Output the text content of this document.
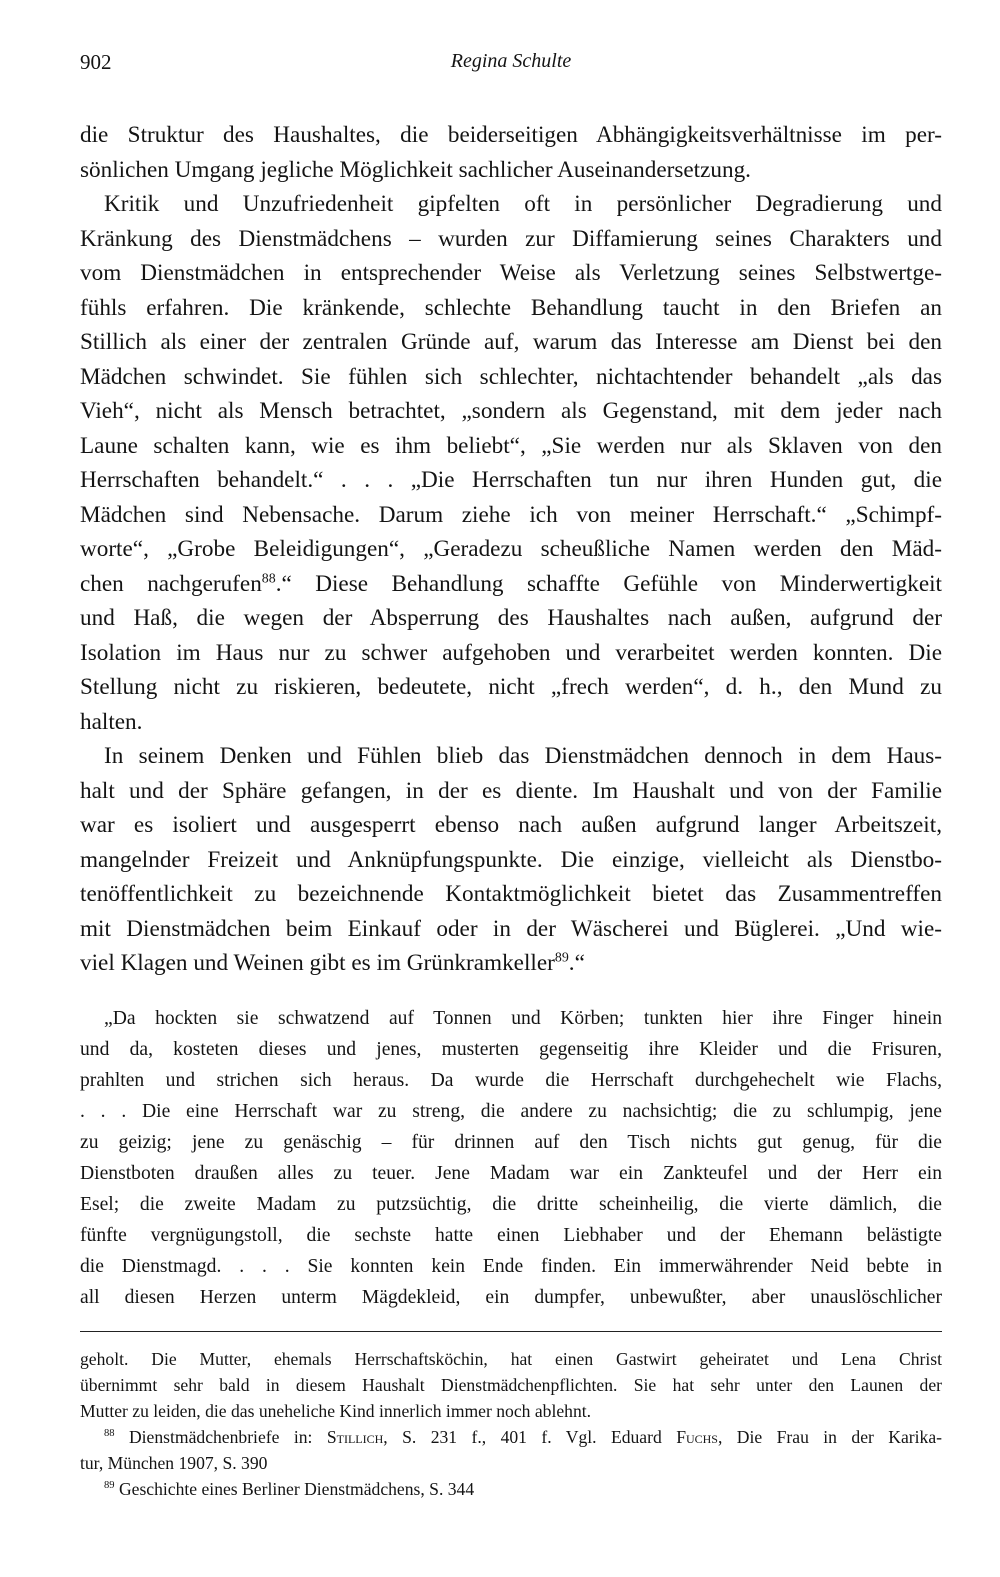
902	Regina Schulte
die Struktur des Haushaltes, die beiderseitigen Abhängigkeitsverhältnisse im per-
sönlichen Umgang jegliche Möglichkeit sachlicher Auseinandersetzung.
Kritik und Unzufriedenheit gipfelten oft in persönlicher Degradierung und
Kränkung des Dienstmädchens – wurden zur Diffamierung seines Charakters und
vom Dienstmädchen in entsprechender Weise als Verletzung seines Selbstwertge-
fühls erfahren. Die kränkende, schlechte Behandlung taucht in den Briefen an
Stillich als einer der zentralen Gründe auf, warum das Interesse am Dienst bei den
Mädchen schwindet. Sie fühlen sich schlechter, nichtachtender behandelt „als das
Vieh“, nicht als Mensch betrachtet, „sondern als Gegenstand, mit dem jeder nach
Laune schalten kann, wie es ihm beliebt“, „Sie werden nur als Sklaven von den
Herrschaften behandelt.“ . . . „Die Herrschaften tun nur ihren Hunden gut, die
Mädchen sind Nebensache. Darum ziehe ich von meiner Herrschaft.“ „Schimpf-
worte“, „Grobe Beleidigungen“, „Geradezu scheußliche Namen werden den Mäd-
chen nachgerufen$^{88}$.“ Diese Behandlung schaffte Gefühle von Minderwertigkeit
und Haß, die wegen der Absperrung des Haushaltes nach außen, aufgrund der
Isolation im Haus nur zu schwer aufgehoben und verarbeitet werden konnten. Die
Stellung nicht zu riskieren, bedeutete, nicht „frech werden“, d. h., den Mund zu
halten.
In seinem Denken und Fühlen blieb das Dienstmädchen dennoch in dem Haus-
halt und der Sphäre gefangen, in der es diente. Im Haushalt und von der Familie
war es isoliert und ausgesperrt ebenso nach außen aufgrund langer Arbeitszeit,
mangelnder Freizeit und Anknüpfungspunkte. Die einzige, vielleicht als Dienstbo-
tenöffentlichkeit zu bezeichnende Kontaktmöglichkeit bietet das Zusammentreffen
mit Dienstmädchen beim Einkauf oder in der Wäscherei und Büglerei. „Und wie-
viel Klagen und Weinen gibt es im Grünkramkeller$^{89}$.“
„Da hockten sie schwatzend auf Tonnen und Körben; tunkten hier ihre Finger hinein
und da, kosteten dieses und jenes, musterten gegenseitig ihre Kleider und die Frisuren,
prahlten und strichen sich heraus. Da wurde die Herrschaft durchgehechelt wie Flachs,
. . . Die eine Herrschaft war zu streng, die andere zu nachsichtig; die zu schlumpig, jene
zu geizig; jene zu genäschig – für drinnen auf den Tisch nichts gut genug, für die
Dienstboten draußen alles zu teuer. Jene Madam war ein Zankteufel und der Herr ein
Esel; die zweite Madam zu putzsüchtig, die dritte scheinheilig, die vierte dämlich, die
fünfte vergnügungstoll, die sechste hatte einen Liebhaber und der Ehemann belästigte
die Dienstmagd. . . . Sie konnten kein Ende finden. Ein immerwährender Neid bebte in
all diesen Herzen unterm Mägdekleid, ein dumpfer, unbewußter, aber unauslöschlicher
geholt. Die Mutter, ehemals Herrschaftsköchin, hat einen Gastwirt geheiratet und Lena Christ
übernimmt sehr bald in diesem Haushalt Dienstmädchenpflichten. Sie hat sehr unter den Launen der
Mutter zu leiden, die das uneheliche Kind innerlich immer noch ablehnt.
$^{88}$ Dienstmädchenbriefe in: Stillich, S. 231 f., 401 f. Vgl. Eduard Fuchs, Die Frau in der Karika-
tur, München 1907, S. 390
$^{89}$ Geschichte eines Berliner Dienstmädchens, S. 344
